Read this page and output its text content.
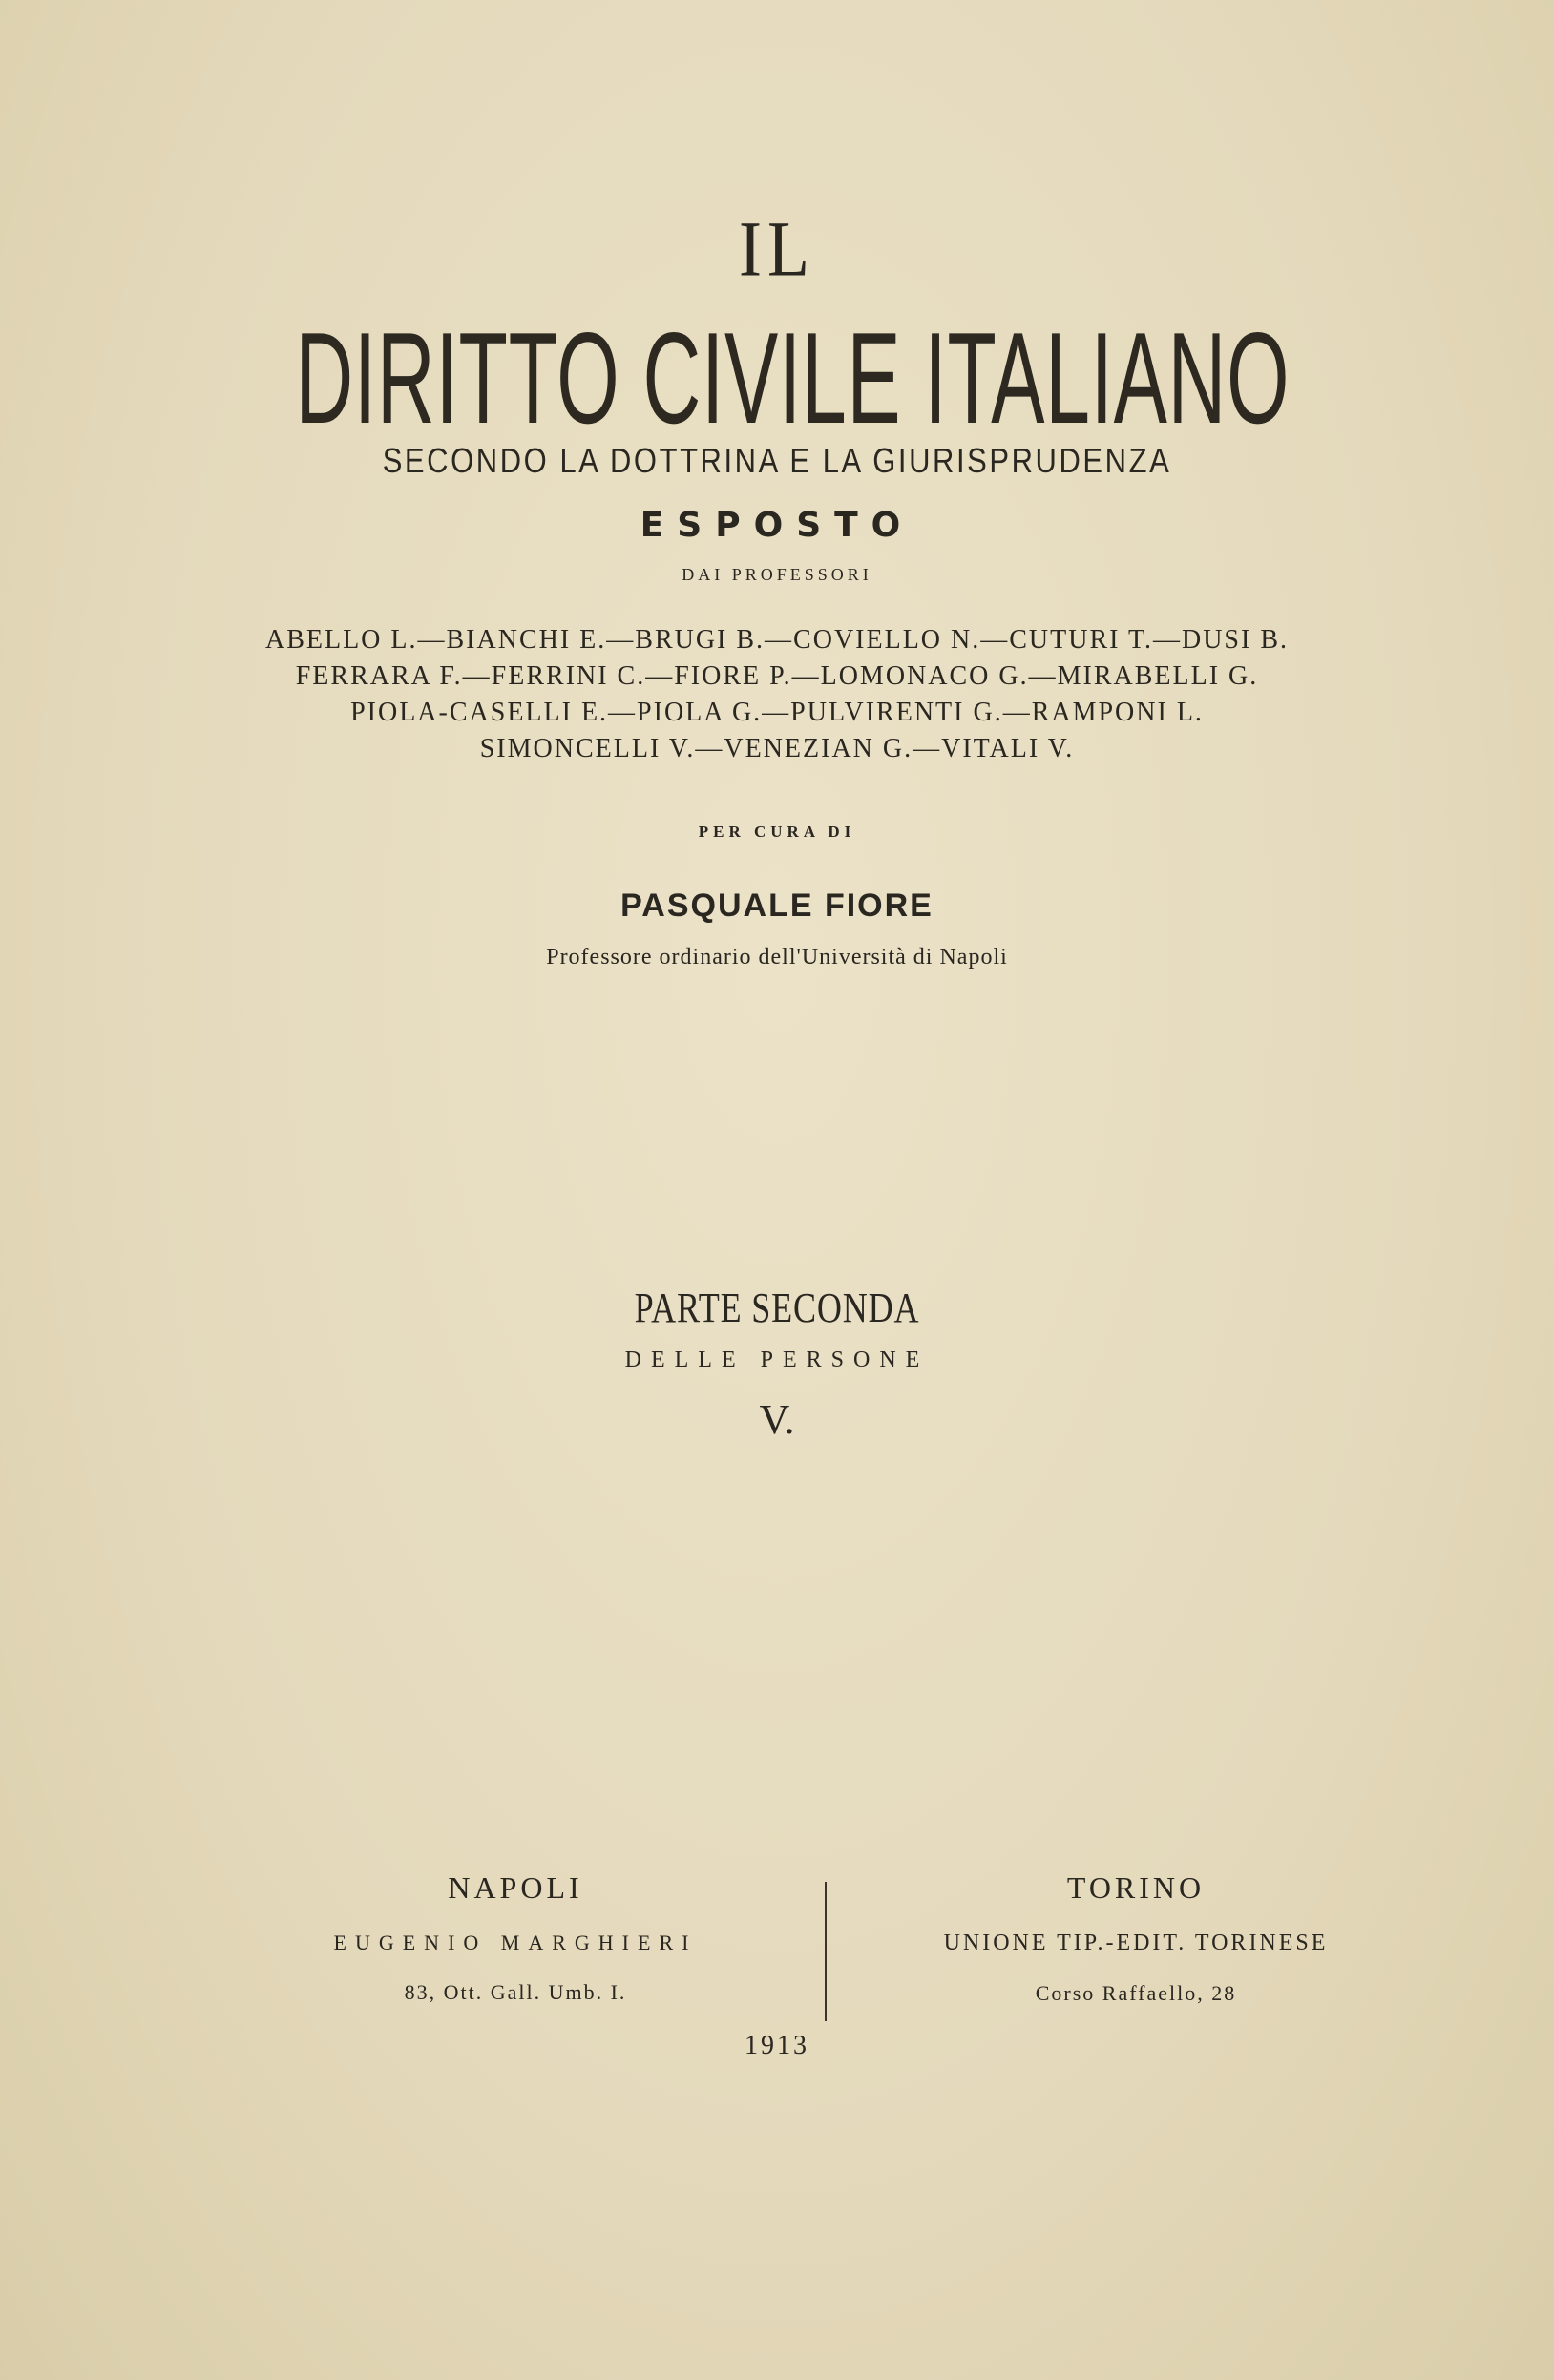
IL
DIRITTO CIVILE ITALIANO
SECONDO LA DOTTRINA E LA GIURISPRUDENZA
ESPOSTO
DAI PROFESSORI
ABELLO L.—BIANCHI E.—BRUGI B.—COVIELLO N.—CUTURI T.—DUSI B.
FERRARA F.—FERRINI C.—FIORE P.—LOMONACO G.—MIRABELLI G.
PIOLA-CASELLI E.—PIOLA G.—PULVIRENTI G.—RAMPONI L.
SIMONCELLI V.—VENEZIAN G.—VITALI V.
PER CURA DI
PASQUALE FIORE
Professore ordinario dell'Università di Napoli
PARTE SECONDA
DELLE PERSONE
V.
NAPOLI
EUGENIO MARGHIERI
83, Ott. Gall. Umb. I.
TORINO
UNIONE TIP.-EDIT. TORINESE
Corso Raffaello, 28
1913
